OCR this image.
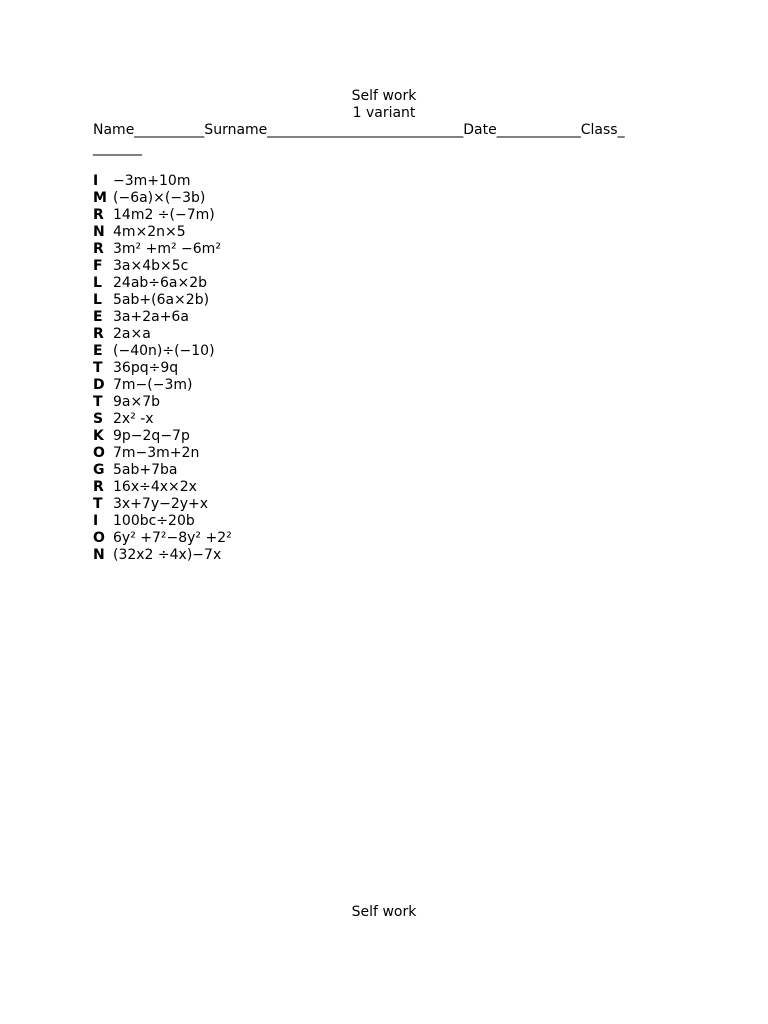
Self work
1 variant
Name__________Surname____________________________Date____________Class_
_______
I −3m+10m
M (−6a)×(−3b)
R 14m2 ÷(−7m)
N 4m×2n×5
R 3m² +m² −6m²
F 3a×4b×5c
L 24ab÷6a×2b
L 5ab+(6a×2b)
E 3a+2a+6a
R 2a×a
E (−40n)÷(−10)
T 36pq÷9q
D 7m−(−3m)
T 9a×7b
S 2x² -x
K 9p−2q−7p
O 7m−3m+2n
G 5ab+7ba
R 16x÷4x×2x
T 3x+7y−2y+x
I 100bc÷20b
O 6y² +7²−8y² +2²
N (32x2 ÷4x)−7x
Self work
